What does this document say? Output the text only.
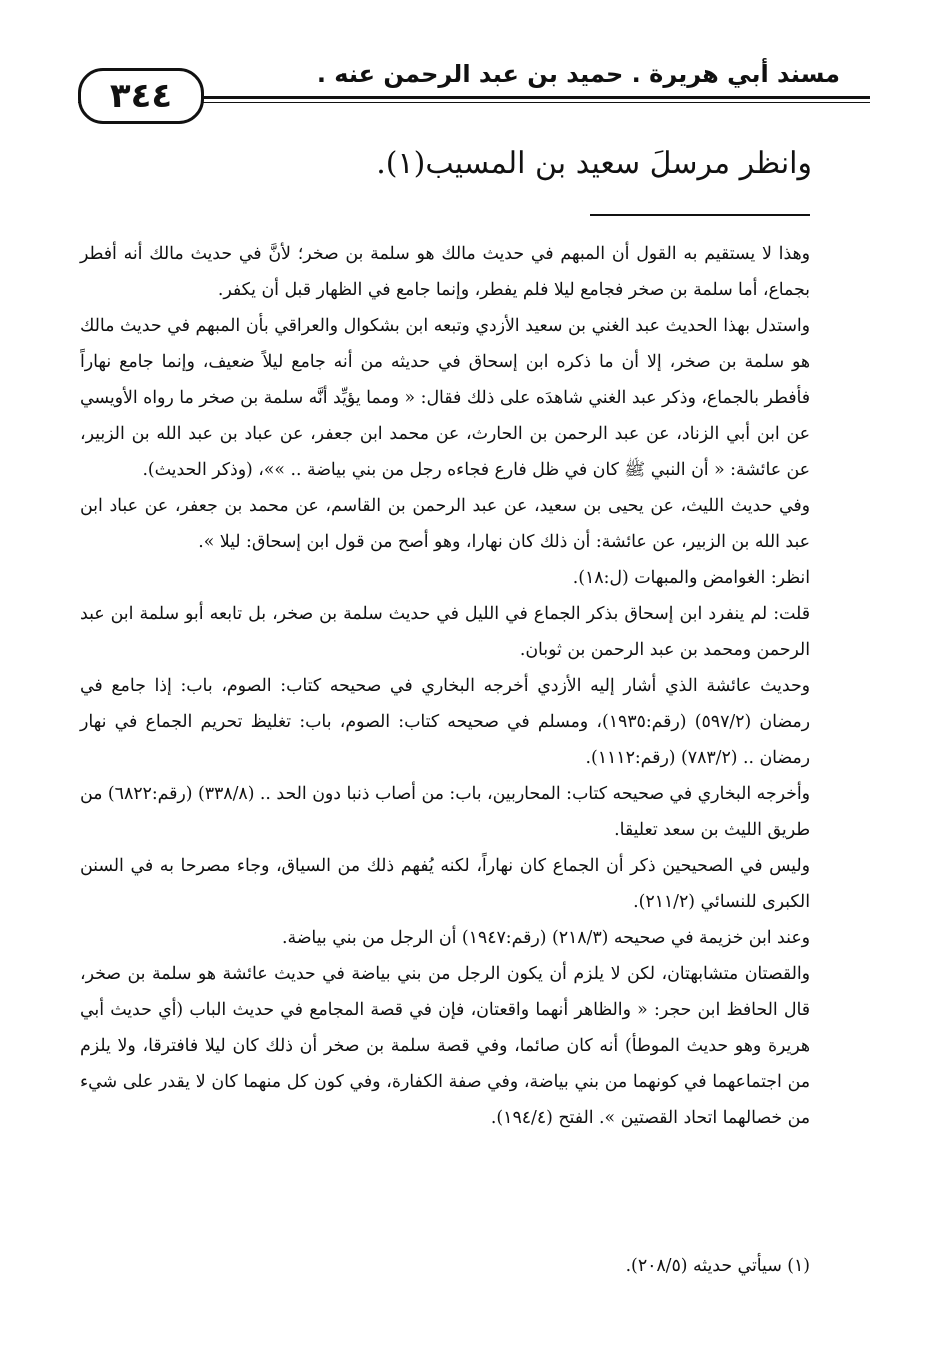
مسند أبي هريرة . حميد بن عبد الرحمن عنه .
٣٤٤
وانظر مرسلَ سعيد بن المسيب(١).

وهذا لا يستقيم به القول أن المبهم في حديث مالك هو سلمة بن صخر؛ لأنَّ في حديث مالك أنه أفطر بجماع، أما سلمة بن صخر فجامع ليلا فلم يفطر، وإنما جامع في الظهار قبل أن يكفر.

واستدل بهذا الحديث عبد الغني بن سعيد الأزدي وتبعه ابن بشكوال والعراقي بأن المبهم في حديث مالك هو سلمة بن صخر، إلا أن ما ذكره ابن إسحاق في حديثه من أنه جامع ليلاً ضعيف، وإنما جامع نهاراً فأفطر بالجماع، وذكر عبد الغني شاهدَه على ذلك فقال: « ومما يؤيِّد أنَّه سلمة بن صخر ما رواه الأويسي عن ابن أبي الزناد، عن عبد الرحمن بن الحارث، عن محمد ابن جعفر، عن عباد بن عبد الله بن الزبير، عن عائشة: « أن النبي ﷺ كان في ظل فارع فجاءه رجل من بني بياضة .. »»، (وذكر الحديث).

وفي حديث الليث، عن يحيى بن سعيد، عن عبد الرحمن بن القاسم، عن محمد بن جعفر، عن عباد ابن عبد الله بن الزبير، عن عائشة: أن ذلك كان نهارا، وهو أصح من قول ابن إسحاق: ليلا ».

انظر: الغوامض والمبهات (ل:١٨).

قلت: لم ينفرد ابن إسحاق بذكر الجماع في الليل في حديث سلمة بن صخر، بل تابعه أبو سلمة ابن عبد الرحمن ومحمد بن عبد الرحمن بن ثوبان.

وحديث عائشة الذي أشار إليه الأزدي أخرجه البخاري في صحيحه كتاب: الصوم، باب: إذا جامع في رمضان (٥٩٧/٢) (رقم:١٩٣٥)، ومسلم في صحيحه كتاب: الصوم، باب: تغليظ تحريم الجماع في نهار رمضان .. (٧٨٣/٢) (رقم:١١١٢).

وأخرجه البخاري في صحيحه كتاب: المحاربين، باب: من أصاب ذنبا دون الحد .. (٣٣٨/٨) (رقم:٦٨٢٢) من طريق الليث بن سعد تعليقا.

وليس في الصحيحين ذكر أن الجماع كان نهاراً، لكنه يُفهم ذلك من السياق، وجاء مصرحا به في السنن الكبرى للنسائي (٢١١/٢).

وعند ابن خزيمة في صحيحه (٢١٨/٣) (رقم:١٩٤٧) أن الرجل من بني بياضة.

والقصتان متشابهتان، لكن لا يلزم أن يكون الرجل من بني بياضة في حديث عائشة هو سلمة بن صخر، قال الحافظ ابن حجر: « والظاهر أنهما واقعتان، فإن في قصة المجامع في حديث الباب (أي حديث أبي هريرة وهو حديث الموطأ) أنه كان صائما، وفي قصة سلمة بن صخر أن ذلك كان ليلا فافترقا، ولا يلزم من اجتماعهما في كونهما من بني بياضة، وفي صفة الكفارة، وفي كون كل منهما كان لا يقدر على شيء من خصالهما اتحاد القصتين ». الفتح (١٩٤/٤).

(١) سيأتي حديثه (٢٠٨/٥).
